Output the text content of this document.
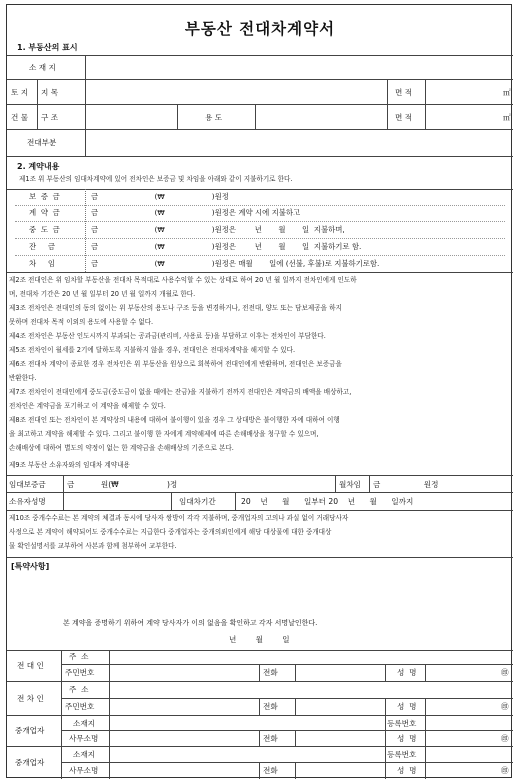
부동산 전대차계약서
1. 부동산의 표시
소 재 지
토 지 지 목	면 적	㎡
건 물 구 조	용 도	면 적	㎡
전대부분
2. 계약내용
제1조 위 부동산의 임대차계약에 있어 전차인은 보증금 및 차임을 아래와 같이 지불하기로 한다.
보  증  금	금                        (₩                    )원정
계  약  금	금                        (₩                    )원정은 계약 시에 지불하고
중  도  금	금                        (₩                    )원정은        년       월       일  지불하며,
잔     금	금                        (₩                    )원정은        년       월       일  지불하기로 함.
차     임	금                        (₩                    )원정은 매월       일에 (선불, 후불)로 지불하기로함.
제2조 전대인은 위 임차할 부동산을 전대차 목적대로 사용수익할 수 있는 상태로 하여 20 년 월 일까지 전차인에게 인도하
며, 전대차 기간은 20 년 월 일부터 20 년 월 일까지 개월로 한다.
제3조 전차인은 전대인의 동의 없이는 위 부동산의 용도나 구조 등을 변경하거나, 전전대, 양도 또는 담보제공을 하지
못하며 전대차 목적 이외의 용도에 사용할 수 없다.
제4조 전차인은 부동산 인도시까지 부과되는 공과금(관리비, 사용료 등)을 부담하고 이후는 전차인이 부담한다.
제5조 전차인이 월세를 2기에 달하도록 지불하지 않을 경우, 전대인은 전대차계약을 해지할 수 있다.
제6조 전대차 계약이 종료한 경우 전차인은 위 부동산을 원상으로 회복하여 전대인에게 반환하며, 전대인은 보증금을
반환한다.
제7조 전차인이 전대인에게 중도금(중도금이 없을 때에는 잔금)을 지불하기 전까지 전대인은 계약금의 배액을 배상하고,
전차인은 계약금을 포기하고 이 계약을 해제할 수 있다.
제8조 전대인 또는 전차인이 본 계약상의 내용에 대하여 불이행이 있을 경우 그 상대방은 불이행한 자에 대하여 이행
을 최고하고 계약을 해제할 수 있다. 그리고 불이행 한 자에게 계약해제에 따른 손해배상을 청구할 수 있으며,
손해배상에 대하여 별도의 약정이 없는 한 계약금을 손해배상의 기준으로 본다.
제9조 부동산 소유자와의 임대차 계약내용
임대보증금	금           원(₩                    )정	월차임 금                  원정
소유자성명	임대차기간	20    년      월      일부터 20    년      월      일까지
제10조 중개수수료는 본 계약의 체결과 동시에 당사자 쌍방이 각각 지불하며, 중개업자의 고의나 과실 없이 거래당사자
사정으로 본 계약이 해약되어도 중개수수료는 지급한다 중개업자는 중개의뢰인에게 해당 대상물에 대한 중개대상
물 확인설명서를 교부하여 사본과 함께 첨부하여 교부한다.
[특약사항]
본 계약을 증명하기 위하여 계약 당사자가 이의 없음을 확인하고 각자 서명날인한다.
년        월        일
전 대 인
주  소
주민번호	전화	성  명	㊞
전 차 인
주  소
주민번호	전화	성  명	㊞
중개업자
소재지	등록번호
사무소명	전화	성  명	㊞
중개업자
소재지	등록번호
사무소명	전화	성  명	㊞
